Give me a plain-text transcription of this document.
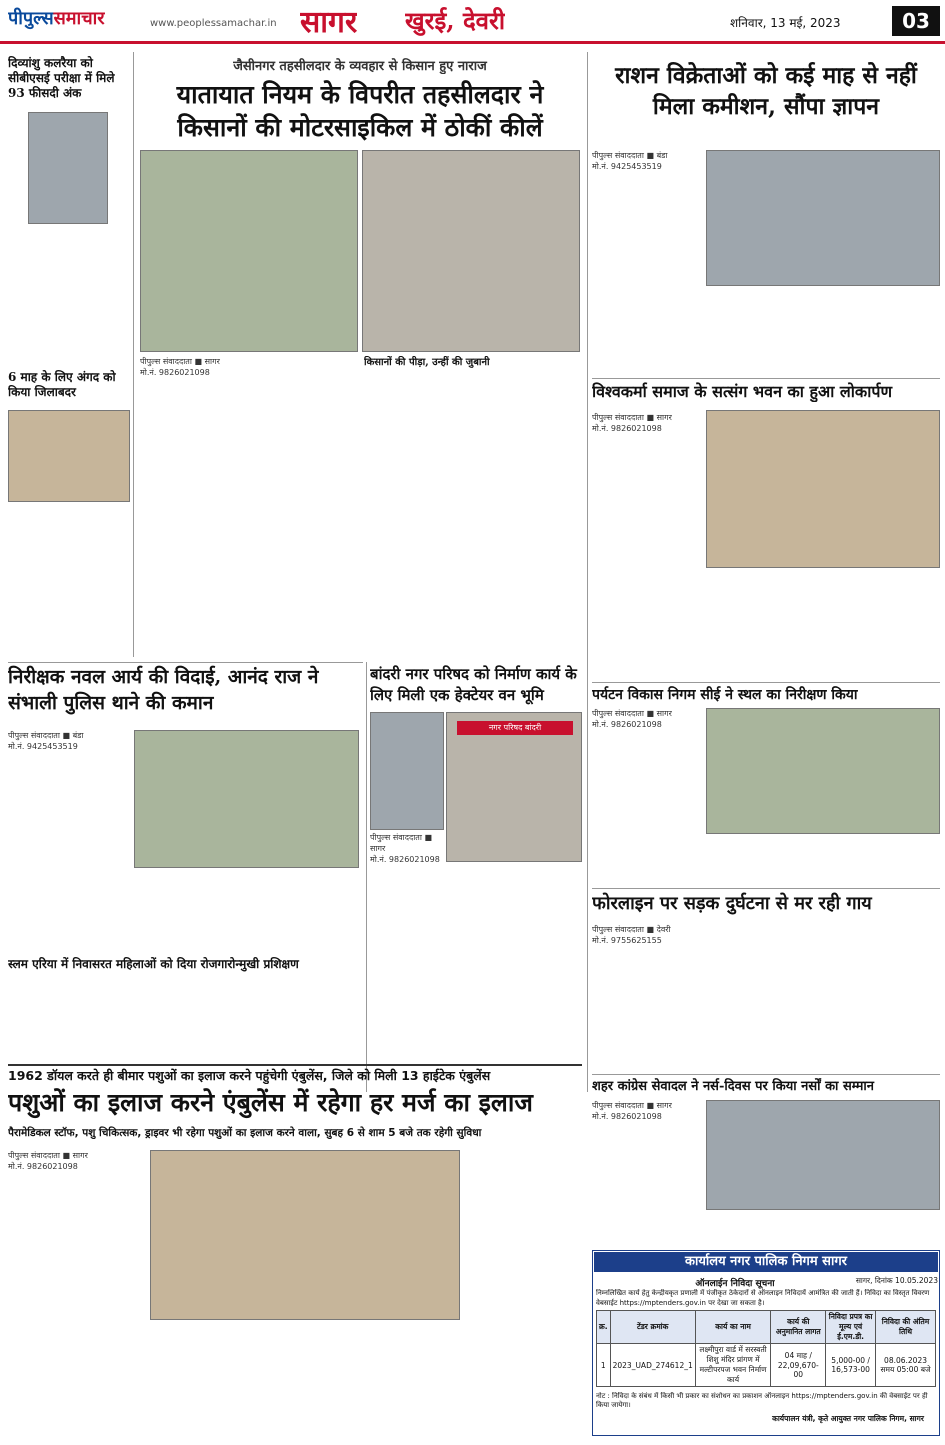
पीपुल्ससमाचार	www.peoplessamachar.in सागर खुरई, देवरी	शनिवार, 13 मई, 2023	03
दिव्यांशु कलरैया को सीबीएसई परीक्षा में मिले 93 फीसदी अंक
6 माह के लिए अंगद को किया जिलाबदर
जैसीनगर तहसीलदार के व्यवहार से किसान हुए नाराज
यातायात नियम के विपरीत तहसीलदार ने किसानों की मोटरसाइकिल में ठोकीं कीलें
पीपुल्स संवाददाता ■ सागर
मो.नं. 9826021098
किसानों की पीड़ा, उन्हीं की जुबानी
राशन विक्रेताओं को कई माह से नहीं मिला कमीशन, सौंपा ज्ञापन
पीपुल्स संवाददाता ■ बंडा
मो.नं. 9425453519
विश्वकर्मा समाज के सत्संग भवन का हुआ लोकार्पण
पीपुल्स संवाददाता ■ सागर
मो.नं. 9826021098
निरीक्षक नवल आर्य की विदाई, आनंद राज ने संभाली पुलिस थाने की कमान
पीपुल्स संवाददाता ■ बंडा
मो.नं. 9425453519
बांदरी नगर परिषद को निर्माण कार्य के लिए मिली एक हेक्टेयर वन भूमि
नगर परिषद बांदरी
पीपुल्स संवाददाता ■ सागर
मो.नं. 9826021098
पर्यटन विकास निगम सीई ने स्थल का निरीक्षण किया
पीपुल्स संवाददाता ■ सागर
मो.नं. 9826021098
स्लम एरिया में निवासरत महिलाओं को दिया रोजगारोन्मुखी प्रशिक्षण
फोरलाइन पर सड़क दुर्घटना से मर रही गाय
पीपुल्स संवाददाता ■ देवरी
मो.नं. 9755625155
1962 डॉयल करते ही बीमार पशुओं का इलाज करने पहुंचेगी एंबुलेंस, जिले को मिली 13 हाईटेक एंबुलेंस
पशुओं का इलाज करने एंबुलेंस में रहेगा हर मर्ज का इलाज
पैरामेडिकल स्टॉफ, पशु चिकित्सक, ड्राइवर भी रहेगा पशुओं का इलाज करने वाला, सुबह 6 से शाम 5 बजे तक रहेगी सुविधा
पीपुल्स संवाददाता ■ सागर
मो.नं. 9826021098
शहर कांग्रेस सेवादल ने नर्स-दिवस पर किया नर्सों का सम्मान
पीपुल्स संवाददाता ■ सागर
मो.नं. 9826021098
कार्यालय नगर पालिक निगम सागर
ऑनलाईन निविदा सूचना	सागर, दिनांक 10.05.2023
निम्नलिखित कार्य हेतु केन्द्रीयकृत प्रणाली में पंजीकृत ठेकेदारों से ऑनलाइन निविदायें आमंत्रित की जाती हैं। निविदा का विस्तृत विवरण वेबसाईट https://mptenders.gov.in पर देखा जा सकता है।
क्र.	टेंडर क्रमांक	कार्य का नाम	कार्य की अनुमानित लागत	निविदा प्रपत्र का मूल्य एवं ई.एम.डी.	निविदा की अंतिम तिथि
1	2023_UAD_274612_1	लक्ष्मीपुरा वार्ड में सरस्वती शिशु मंदिर प्रांगण में मल्टीपरपज भवन निर्माण कार्य	04 माह / 22,09,670-00	5,000-00 / 16,573-00	08.06.2023 समय 05:00 बजे
नोट : निविदा के संबंध में किसी भी प्रकार का संशोधन का प्रकाशन ऑनलाइन https://mptenders.gov.in की वेबसाईट पर ही किया जायेगा।
कार्यपालन यंत्री, कृते आयुक्त नगर पालिक निगम, सागर
